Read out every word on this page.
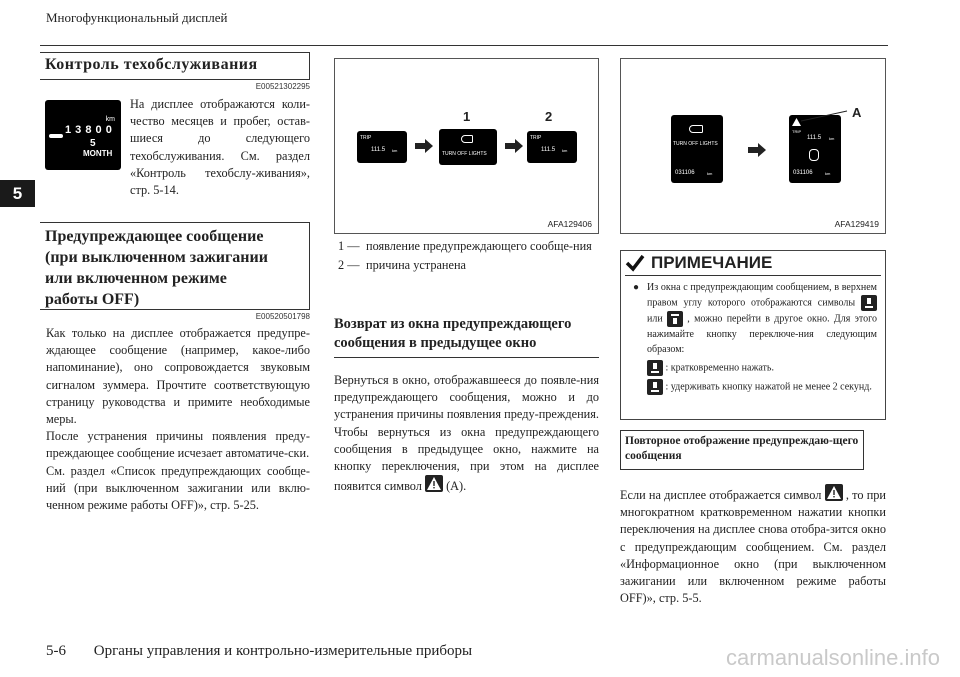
Многофункциональный дисплей
5
Контроль техобслуживания
E00521302295
km
1 3 8 0 0
5
MONTH
На дисплее отображаются коли-чество месяцев и пробег, остав-шиеся до следующего техобслуживания. См. раздел «Контроль техобслу-живания», стр. 5-14.
Предупреждающее сообщение
(при выключенном зажигании
или включенном режиме
работы OFF)
E00520501798
Как только на дисплее отображается предупре-ждающее сообщение (например, какое-либо напоминание), оно сопровождается звуковым сигналом зуммера. Прочтите соответствующую страницу руководства и примите необходимые меры.
После устранения причины появления преду-преждающее сообщение исчезает автоматиче-ски.
См. раздел «Список предупреждающих сообще-ний (при выключенном зажигании или вклю-ченном режиме работы OFF)», стр. 5-25.
TRIP
111.5 km
TURN OFF LIGHTS
1
TRIP
111.5 km
2
AFA129406
1 — появление предупреждающего сообще-ния
2 — причина устранена
Возврат из окна предупреждающего сообщения в предыдущее окно
Вернуться в окно, отображавшееся до появле-ния предупреждающего сообщения, можно и до устранения причины появления преду-преждения. Чтобы вернуться из окна предупреждающего сообщения в предыдущее окно, нажмите на кнопку переключения, при этом на дисплее появится символ (A).
TURN OFF LIGHTS
031106	km
TRIP
111.5 km
031106	km
A
AFA129419
ПРИМЕЧАНИЕ
● Из окна с предупреждающим сообщением, в верхнем правом углу которого отображаются символы  или , можно перейти в другое окно. Для этого нажимайте кнопку переключе-ния следующим образом:
: кратковременно нажать.
: удерживать кнопку нажатой не менее 2 секунд.
Повторное отображение предупреждаю-щего сообщения
Если на дисплее отображается символ , то при многократном кратковременном нажатии кнопки переключения на дисплее снова отобра-зится окно с предупреждающим сообщением. См. раздел «Информационное окно (при выключенном зажигании или включенном режиме работы OFF)», стр. 5-5.
5-6 Органы управления и контрольно-измерительные приборы	carmanualsonline.info
